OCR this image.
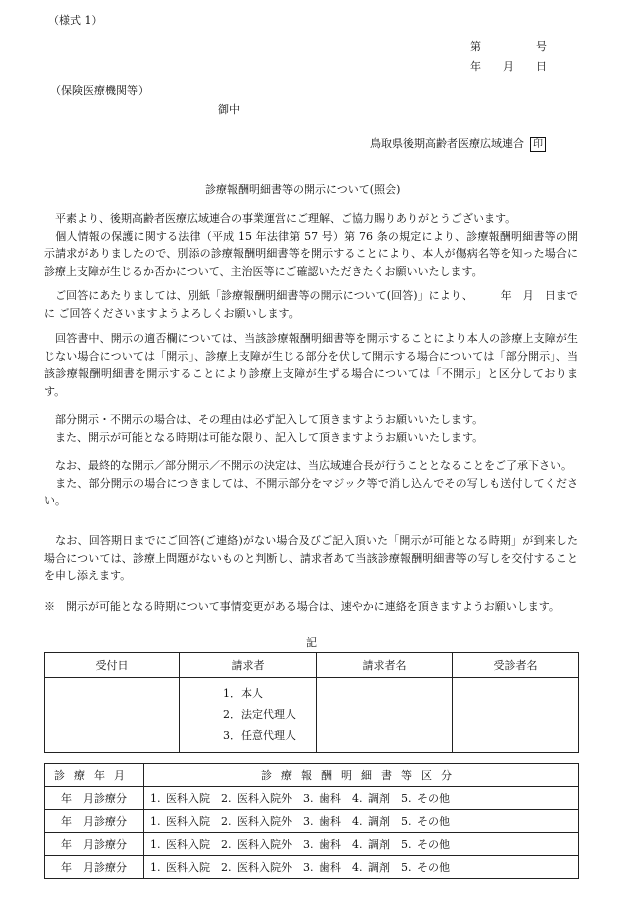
（様式 1）
第　　　　　号
年　　月　　日
（保険医療機関等）
御中
鳥取県後期高齢者医療広域連合 印
診療報酬明細書等の開示について(照会)

　平素より、後期高齢者医療広域連合の事業運営にご理解、ご協力賜りありがとうございます。

　個人情報の保護に関する法律（平成 15 年法律第 57 号）第 76 条の規定により、診療報酬明細書等の開示請求がありましたので、別添の診療報酬明細書等を開示することにより、本人が傷病名等を知った場合に診療上支障が生じるか否かについて、主治医等にご確認いただきたくお願いいたします。

　ご回答にあたりましては、別紙「診療報酬明細書等の開示について(回答)」により、　　　年　月　日までに ご回答くださいますようよろしくお願いします。

　回答書中、開示の適否欄については、当該診療報酬明細書等を開示することにより本人の診療上支障が生じない場合については「開示」、診療上支障が生じる部分を伏して開示する場合については「部分開示」、当該診療報酬明細書を開示することにより診療上支障が生ずる場合については「不開示」と区分しております。

　部分開示・不開示の場合は、その理由は必ず記入して頂きますようお願いいたします。

　また、開示が可能となる時期は可能な限り、記入して頂きますようお願いいたします。

　なお、最終的な開示／部分開示／不開示の決定は、当広域連合長が行うこととなることをご了承下さい。

　また、部分開示の場合につきましては、不開示部分をマジック等で消し込んでその写しも送付してください。

　なお、回答期日までにご回答(ご連絡)がない場合及びご記入頂いた「開示が可能となる時期」が到来した場合については、診療上問題がないものと判断し、請求者あて当該診療報酬明細書等の写しを交付することを申し添えます。

※　開示が可能となる時期について事情変更がある場合は、速やかに連絡を頂きますようお願いします。

記
受付日	請求者	請求者名	受診者名

	1．本人
2．法定代理人
3．任意代理人		

診療年月	診療報酬明細書等区分
年　月診療分	1. 医科入院　2. 医科入院外　3. 歯科　4. 調剤　5. その他
年　月診療分	1. 医科入院　2. 医科入院外　3. 歯科　4. 調剤　5. その他
年　月診療分	1. 医科入院　2. 医科入院外　3. 歯科　4. 調剤　5. その他
年　月診療分	1. 医科入院　2. 医科入院外　3. 歯科　4. 調剤　5. その他
